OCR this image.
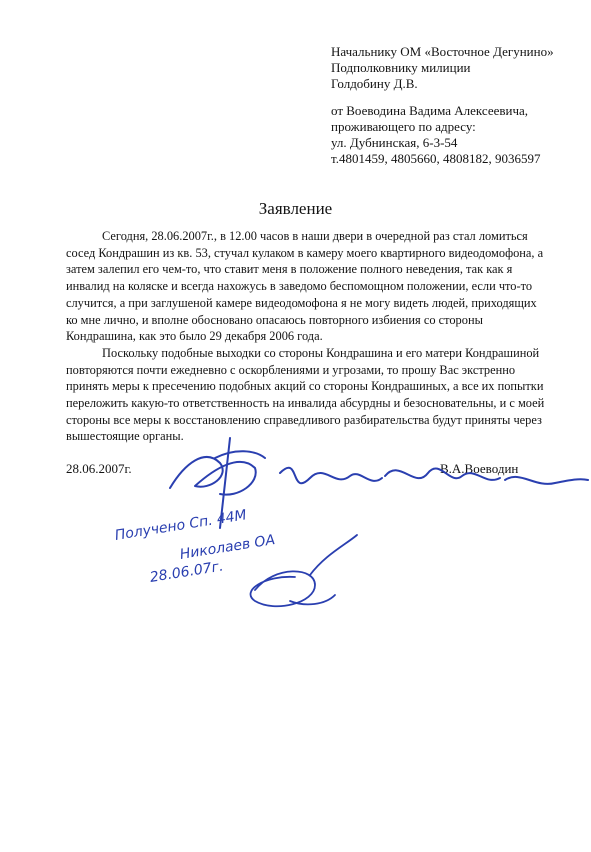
Начальнику ОМ «Восточное Дегунино»
Подполковнику милиции
Голдобину Д.В.
от Воеводина Вадима Алексеевича,
проживающего по адресу:
ул. Дубнинская, 6-3-54
т.4801459, 4805660, 4808182, 9036597
Заявление
Сегодня, 28.06.2007г., в 12.00 часов в наши двери в очередной раз стал ломиться
сосед Кондрашин из кв. 53, стучал кулаком в камеру моего квартирного видеодомофона, а
затем залепил его чем-то, что ставит меня в положение полного неведения, так как я
инвалид на коляске и всегда нахожусь в заведомо беспомощном положении, если что-то
случится, а при заглушеной камере видеодомофона я не могу видеть людей, приходящих
ко мне лично, и вполне обосновано опасаюсь повторного избиения со стороны
Кондрашина, как это было 29 декабря 2006 года.
Поскольку подобные выходки со стороны Кондрашина и его матери Кондрашиной
повторяются почти ежедневно с оскорблениями и угрозами, то прошу Вас экстренно
принять меры к пресечению подобных акций со стороны Кондрашиных, а все их попытки
переложить какую-то ответственность на инвалида абсурдны и безосновательны, и с моей
стороны все меры к восстановлению справедливого разбирательства будут приняты через
вышестоящие органы.
28.06.2007г.	В.А.Воеводин
Получено Сп. 44М
Николаев ОА
28.06.07г.
